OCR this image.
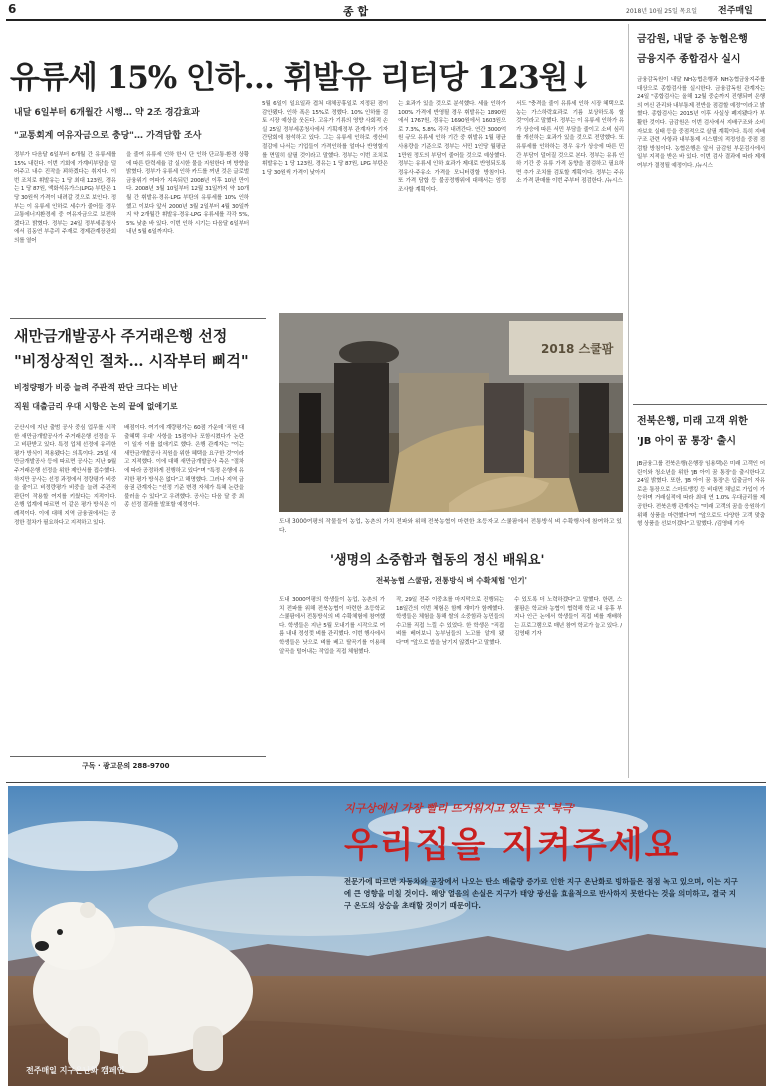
6	종 합	2018년 10월 25일 목요일 전주매일
유류세 15% 인하… 휘발유 리터당 123원↓
내달 6일부터 6개월간 시행… 약 2조 경감효과
"교통회계 여유자금으로 충당"… 가격담합 조사
정부가 다음달 6일부터 6개월 간 유류세를 15% 내린다. 이번 기회에 가계비부담을 덜어주고 내수 진작을 꾀하겠다는 취지다. 이번 조치로 휘발유는 1 당 최대 123원, 경유는 1 당 87원, 액화석유가스(LPG) 부탄은 1 당 30원씩 가격이 내려갈 것으로 보인다. 정부는 이 유류세 인하로 세수가 줄어들 경우 교통에너지환경세 중 여유자금으로 보전하겠다고 밝혔다. 정부는 24일 정부세종청사에서 김동연 부총리 주재로 경제관계장관회의를 열어
을 줄여 유류세 인하 한시 단 인하 단교통·환경 상황에 따른 탄력세율 감 실시한 물을 지원한다 며 방향을 밝혔다. 정부가 유류세 인하 카드를 꺼낸 것은 글로벌 금융위기 여파가 지속되던 2008년 이후 10년 만이다. 2008년 3월 10일부터 12월 31일까지 약 10개월 간 휘발유·경유·LPG 부탄의 유류세를 10% 인하했고 이보다 앞서 2000년 3월 2일부터 4월 30일까지 약 2개월간 휘발유·경유·LPG 유류세를 각각 5%, 5% 낮춘 바 있다. 이번 인하 시기는 다음달 6일부터 내년 5월 6일까지다.
5월 6일이 일요일과 겹쳐 대체공휴일로 지정된 점이 감안됐다. 인하 폭은 15%로 정했다. 10% 인하를 검토 시장 예상을 웃돈다. 고유가 기류의 영향 사회적 손실 25일 정부세종청사에서 기획재정부 관계자가 기자간담회에 참석하고 있다. 그는 유류세 인하로 생산비 절감에 나서는 기업들이 가격인하를 얼마나 반영할지를 면밀히 살필 것이라고 말했다. 정부는 이번 조치로 휘발유는 1 당 123원, 경유는 1 당 87원, LPG 부탄은 1 당 30원씩 가격이 낮아지
는 효과가 있을 것으로 분석했다. 세율 인하가 100% 가격에 반영될 경우 휘발유는 1890원에서 1767원, 경유는 1690원에서 1603원으로 7.3%, 5.8% 각각 내려간다. 연간 3000억원 규모 유류세 인하 기간 중 휘발유 1월 평균 사용량을 기준으로 정부는 서민 1인당 월평균 1만원 정도의 부담이 줄어들 것으로 예상했다. 정부는 유류세 인하 효과가 제대로 반영되도록 정유사·주유소 가격을 모니터링할 방침이다. 또 가격 담합 등 불공정행위에 대해서는 엄정 조사할 계획이다.
서도 "충격을 줄이 유류세 인하 시장 혜택으로 농는 가스하락효과로 기름 보상하도록 할 것"이라고 말했다. 정부는 이 유류세 인하가 유가 상승에 따른 서민 부담을 줄이고 소비 심리를 개선하는 효과가 있을 것으로 전망했다. 또 유류세를 인하하는 경우 유가 상승에 따른 민간 부담이 덜어질 것으로 본다. 정부는 유류 인하 기간 중 유류 가격 동향을 점검하고 필요하면 추가 조치를 검토할 계획이다. 정부는 주유소 가격 판매를 이번 주부터 점검한다. /뉴시스
금감원, 내달 중 농협은행
금융지주 종합검사 실시
금융감독원이 내달 NH농협은행과 NH농협금융지주를 대상으로 종합검사를 실시한다. 금융감독원 관계자는 24일 "종합검사는 올해 12월 중순까지 진행되며 은행의 여신 관리와 내부통제 전반을 점검할 예정"이라고 밝혔다. 종합검사는 2015년 이후 사실상 폐지됐다가 부활한 것이다. 금감원은 이번 검사에서 지배구조와 소비자보호 실태 등을 중점적으로 살필 계획이다. 특히 지배구조 관련 사항과 내부통제 시스템의 적정성을 중점 점검할 방침이다. 농협은행은 앞서 금감원 부문검사에서 일부 지적을 받은 바 있다. 이번 검사 결과에 따라 제재 여부가 결정될 예정이다. /뉴시스
전북은행, 미래 고객 위한
'JB 아이 꿈 통장' 출시
JB금융그룹 전북은행(은행장 임용택)은 미래 고객인 어린이와 청소년을 위한 'JB 아이 꿈 통장'을 출시한다고 24일 밝혔다. 또한, 'JB 아이 꿈 통장'은 입출금이 자유로운 통장으로 스마트뱅킹 등 비대면 채널로 가입이 가능하며 거래실적에 따라 최대 연 1.0% 우대금리를 제공한다. 전북은행 관계자는 "미래 고객의 꿈을 응원하기 위해 상품을 마련했다"며 "앞으로도 다양한 고객 맞춤형 상품을 선보이겠다"고 말했다. /김영태 기자
새만금개발공사 주거래은행 선정
"비정상적인 절차… 시작부터 삐걱"
비정량평가 비중 늘려 주관적 판단 크다는 비난
직원 대출금리 우대 시항은 논의 끝에 없애기로
군산시에 지난 출범 공사 중심 업무를 시작한 새만금개발공사가 주거래은행 선정을 두고 비판받고 있다. 특정 업체 선정에 유리한 평가 방식이 적용됐다는 의혹이다. 25일 새만금개발공사 등에 따르면 공사는 지난 9월 주거래은행 선정을 위한 제안서를 접수했다. 하지만 공사는 선정 과정에서 정량평가 비중을 줄이고 비정량평가 비중을 늘려 주관적 판단이 작용할 여지를 키웠다는 지적이다. 은행 업계에 따르면 이 같은 평가 방식은 이례적이다. 이에 대해 지역 금융권에서는 공정한 절차가 필요하다고 지적하고 있다.
배점이다. 여기에 계량평가는 60점 가운데 '직원 대출혜택 우대' 사항을 15점이나 포함시켰다가 논란이 일자 이를 없애기로 했다. 은행 관계자는 "이는 새만금개발공사 직원을 위한 혜택을 요구한 것"이라고 지적했다. 이에 대해 새만금개발공사 측은 "절차에 따라 공정하게 진행하고 있다"며 "특정 은행에 유리한 평가 방식은 없다"고 해명했다. 그러나 지역 금융권 관계자는 "선정 기준 변경 자체가 특혜 논란을 불러올 수 있다"고 우려했다. 공사는 다음 달 중 최종 선정 결과를 발표할 예정이다.
구독 · 광고문의 288-9700
2018 스쿨팜
도내 3000여평의 작물들이 농업, 농촌의 가치 전파와 위해 전북농협이 마련한 초등자교 스쿨팜에서 전통방식 벼 수확행사에 참여하고 있다.
'생명의 소중함과 협동의 정신 배워요'
전북농협 스쿨팜, 전통방식 벼 수확체험 '인기'
도내 3000여평의 학생들이 농업, 농촌의 가치 전파를 위해 전북농협이 마련한 초등학교 스쿨팜에서 전통방식의 벼 수확체험에 참여했다. 학생들은 지난 5월 모내기를 시작으로 여름 내내 정성껏 벼를 관리했다. 이번 행사에서 학생들은 낫으로 벼를 베고 탈곡기를 이용해 알곡을 털어내는 작업을 직접 체험했다.
작, 29일 전주 이중초를 마지막으로 진행되는 18일간의 이번 체험은 함께 재미가 함께했다. 학생들은 체험을 통해 쌀의 소중함과 농민들의 수고를 직접 느낄 수 있었다. 한 학생은 "직접 벼를 베어보니 농부님들의 노고를 알게 됐다"며 "앞으로 밥을 남기지 않겠다"고 말했다.
수 있도록 더 노력하겠다"고 말했다. 한편, 스쿨팜은 학교와 농협이 협력해 학교 내 유휴 부지나 인근 논에서 학생들이 직접 벼를 재배하는 프로그램으로 매년 참여 학교가 늘고 있다. /김영태 기자
지구상에서 가장 빨리 뜨거워지고 있는 곳 '북극'
우리집을 지켜주세요
전문가에 따르면 자동차와 공장에서 나오는 탄소 배출량 증가로 인한 지구 온난화로 빙하들은 점점 녹고 있으며, 이는 지구에 큰 영향을 미칠 것이다. 해양 얼음의 손실은 지구가 태양 광선을 효율적으로 반사하지 못한다는 것을 의미하고, 결국 지구 온도의 상승을 초래할 것이기 때문이다.
전주매일 지구온난화 캠페인
